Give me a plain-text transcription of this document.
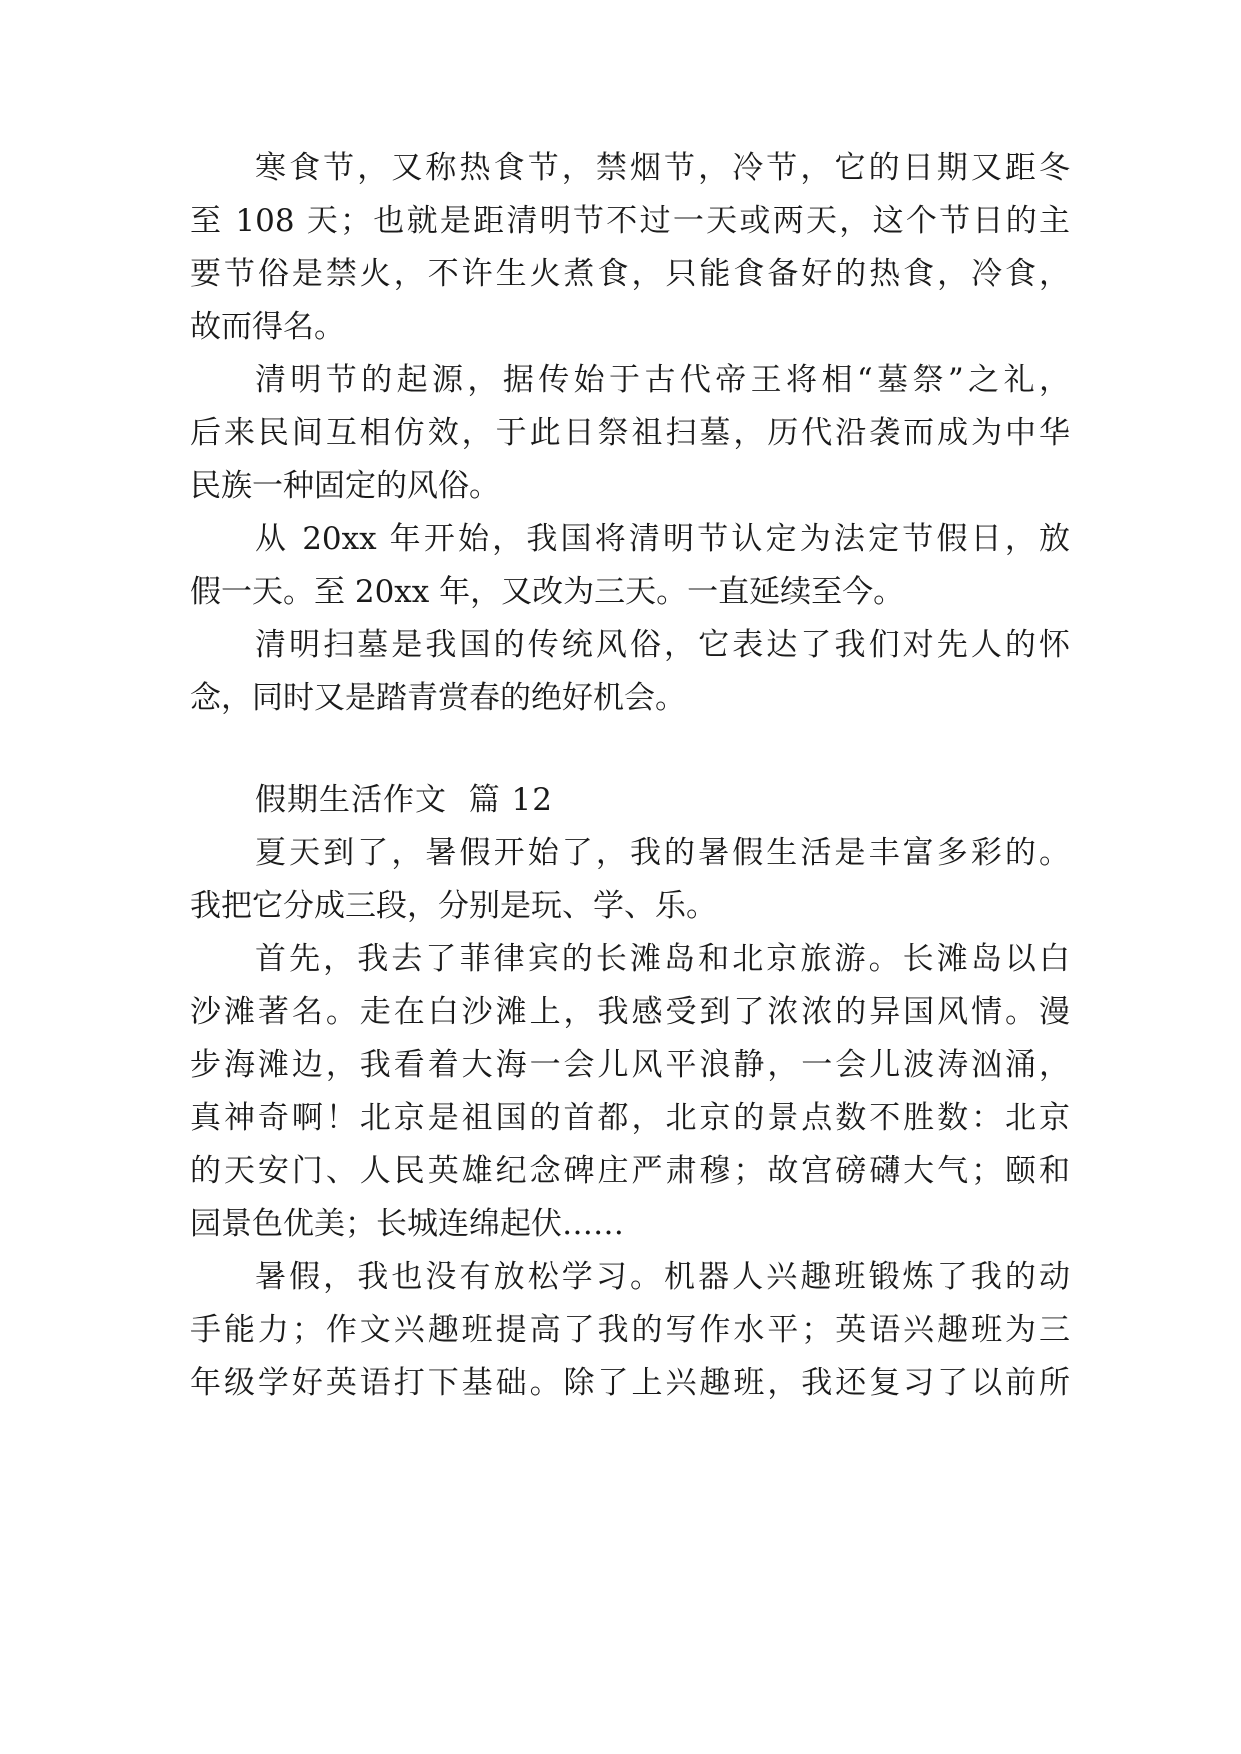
寒食节，又称热食节，禁烟节，冷节，它的日期又距冬

至 108 天；也就是距清明节不过一天或两天，这个节日的主

要节俗是禁火，不许生火煮食，只能食备好的热食，冷食，

故而得名。

清明节的起源，据传始于古代帝王将相“墓祭”之礼，

后来民间互相仿效，于此日祭祖扫墓，历代沿袭而成为中华

民族一种固定的风俗。

从 20xx 年开始，我国将清明节认定为法定节假日，放

假一天。至 20xx 年，又改为三天。一直延续至今。

清明扫墓是我国的传统风俗，它表达了我们对先人的怀

念，同时又是踏青赏春的绝好机会。

假期生活作文  篇 12

夏天到了，暑假开始了，我的暑假生活是丰富多彩的。

我把它分成三段，分别是玩、学、乐。

首先，我去了菲律宾的长滩岛和北京旅游。长滩岛以白

沙滩著名。走在白沙滩上，我感受到了浓浓的异国风情。漫

步海滩边，我看着大海一会儿风平浪静，一会儿波涛汹涌，

真神奇啊！北京是祖国的首都，北京的景点数不胜数：北京

的天安门、人民英雄纪念碑庄严肃穆；故宫磅礴大气；颐和

园景色优美；长城连绵起伏……

暑假，我也没有放松学习。机器人兴趣班锻炼了我的动

手能力；作文兴趣班提高了我的写作水平；英语兴趣班为三

年级学好英语打下基础。除了上兴趣班，我还复习了以前所
